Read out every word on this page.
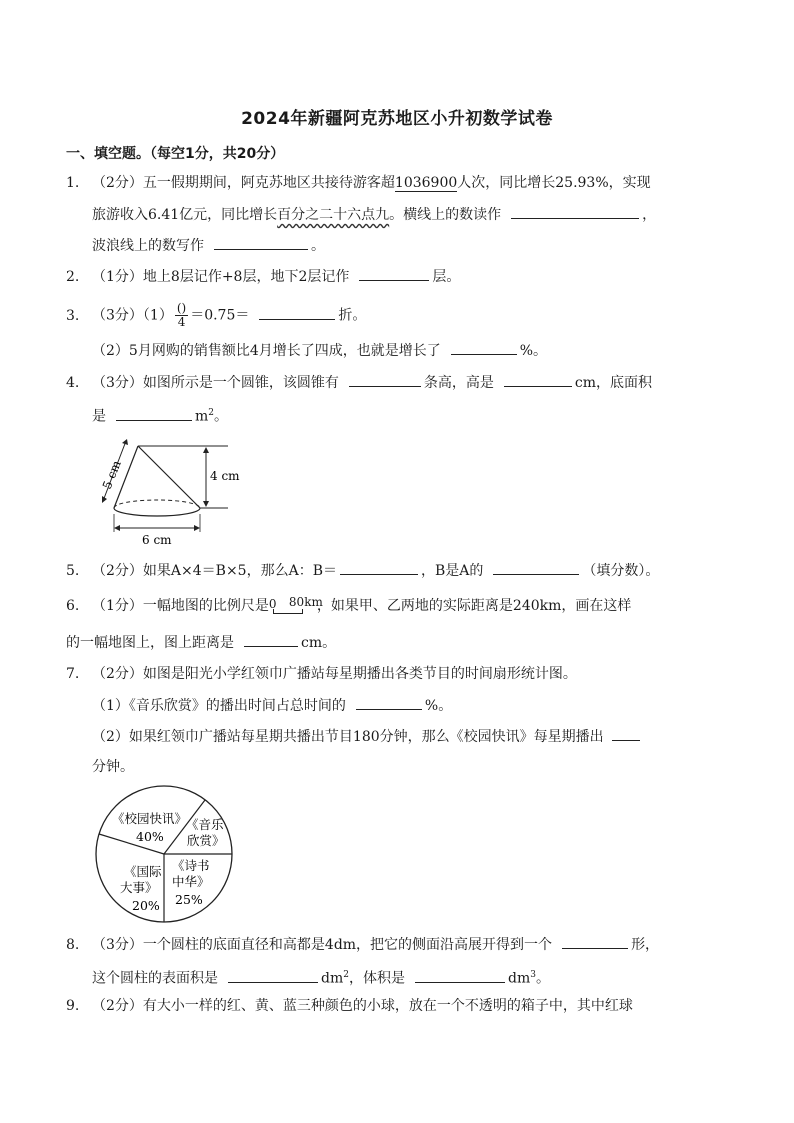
2024年新疆阿克苏地区小升初数学试卷
一、填空题。（每空1分，共20分）
1. （2分）五一假期期间，阿克苏地区共接待游客超1036900人次，同比增长25.93%，实现
旅游收入6.41亿元，同比增长百分之二十六点九。横线上的数读作	，
波浪线上的数写作	。
2. （1分）地上8层记作+8层，地下2层记作	层。
3. （3分）$(1) \frac{()}{4} =0.75=$	折。
（2）5月网购的销售额比4月增长了四成，也就是增长了	%。
4. （3分）如图所示是一个圆锥，该圆锥有	条高，高是	cm，底面积
是	$m^2$。
5 cm	4 cm
6 cm
5. （2分）如果A×4＝B×5，那么A：B＝	，B是A的	（填分数）。
6. （1分）一幅地图的比例尺是 0 80km
，如果甲、乙两地的实际距离是240km，画在这样
的一幅地图上，图上距离是	cm。
7. （2分）如图是阳光小学红领巾广播站每星期播出各类节目的时间扇形统计图。
（1）《音乐欣赏》的播出时间占总时间的	%。
（2）如果红领巾广播站每星期共播出节目180分钟，那么《校园快讯》每星期播出
分钟。
《校园快讯》
40%
《音乐
欣赏》
《诗书
中华》
25%
《国际
大事》
20%
8. （3分）一个圆柱的底面直径和高都是4dm，把它的侧面沿高展开得到一个	形，
这个圆柱的表面积是	$dm^2$，体积是	$dm^3$。
9. （2分）有大小一样的红、黄、蓝三种颜色的小球，放在一个不透明的箱子中，其中红球
